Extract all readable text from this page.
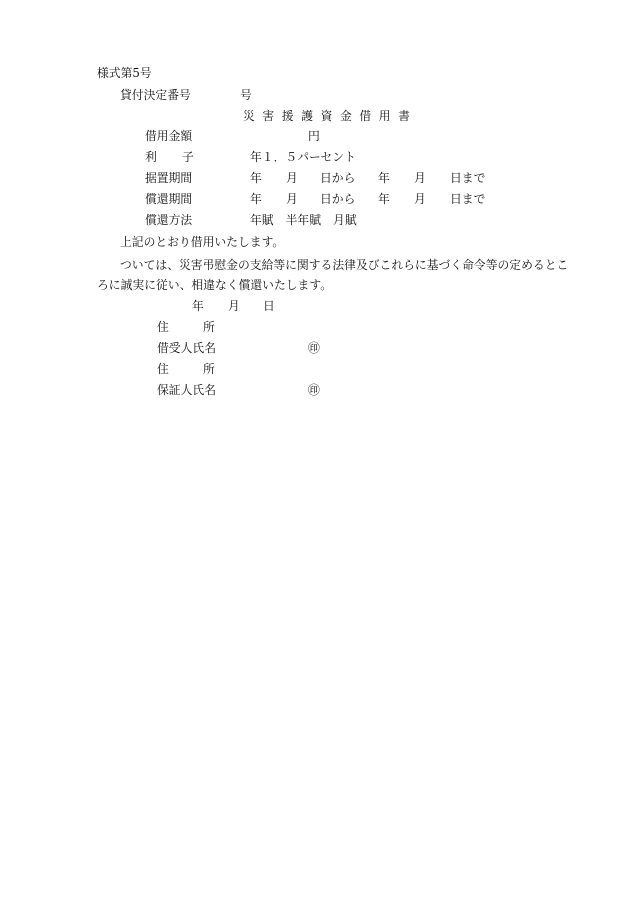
様式第5号
貸付決定番号	号
災害援護資金借用書
借用金額	円
利 子	年１．５パーセント
据置期間	年 月 日から 年 月 日まで
償還期間	年 月 日から 年 月 日まで
償還方法	年賦 半年賦 月賦
上記のとおり借用いたします。
ついては、災害弔慰金の支給等に関する法律及びこれらに基づく命令等の定めるとこ
ろに誠実に従い、相違なく償還いたします。
年 月 日
住	所
借受人氏名	㊞
住	所
保証人氏名	㊞
